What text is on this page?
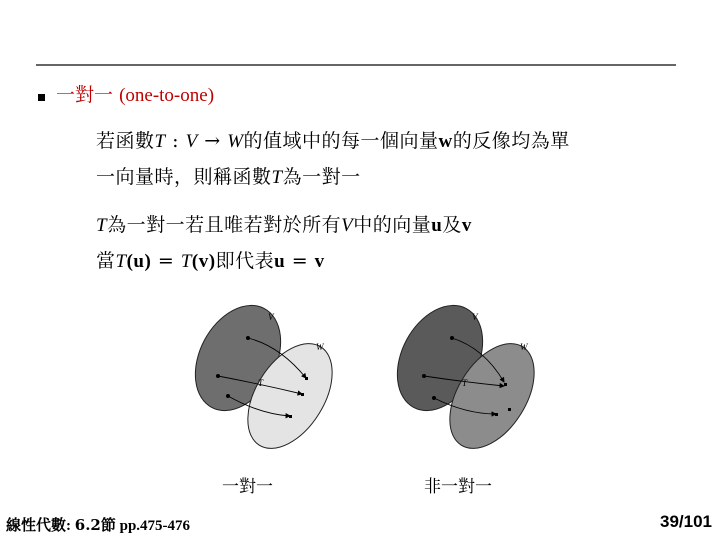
一對一 (one-to-one)
若函數T : V → W的值域中的每一個向量w的反像均為單
一向量時，則稱函數T為一對一
T為一對一若且唯若對於所有V中的向量u及v
當T(u) = T(v)即代表u = v
V
W
T
V
W
T
一對一	非一對一
線性代數: 6.2節 pp.475-476	39/101
